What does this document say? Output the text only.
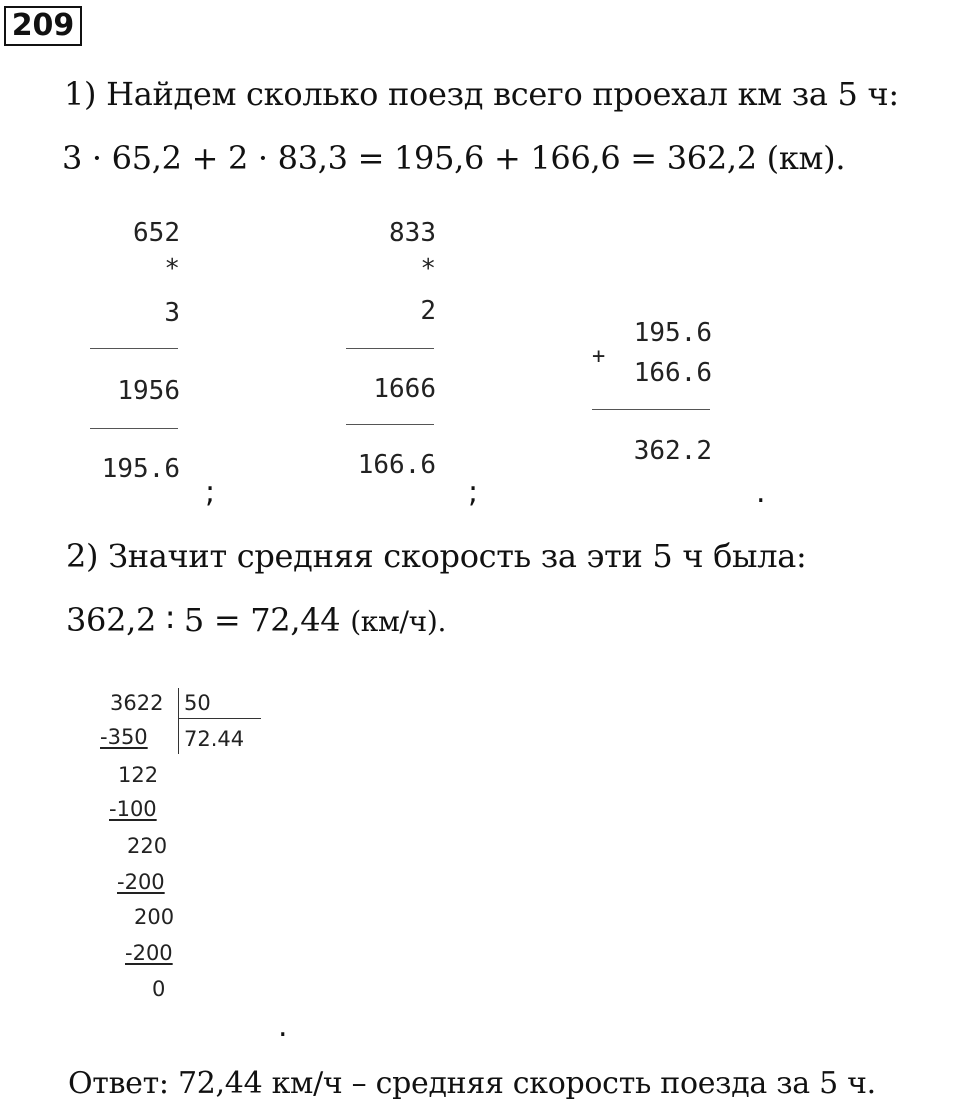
209
1) Найдем сколько поезд всего проехал км за 5 ч:
3 · 65,2 + 2 · 83,3 = 195,6 + 166,6 = 362,2 (км).
652
*
3
1956
195.6
;
833
*
2
1666
166.6
;
+
195.6
166.6
362.2
.
2) Значит средняя скорость за эти 5 ч была:
362,2 ∶ 5 = 72,44 (км/ч).
3622 50
72.44
-350
122
-100
220
-200
200
-200
0
.
Ответ: 72,44 км/ч – средняя скорость поезда за 5 ч.
